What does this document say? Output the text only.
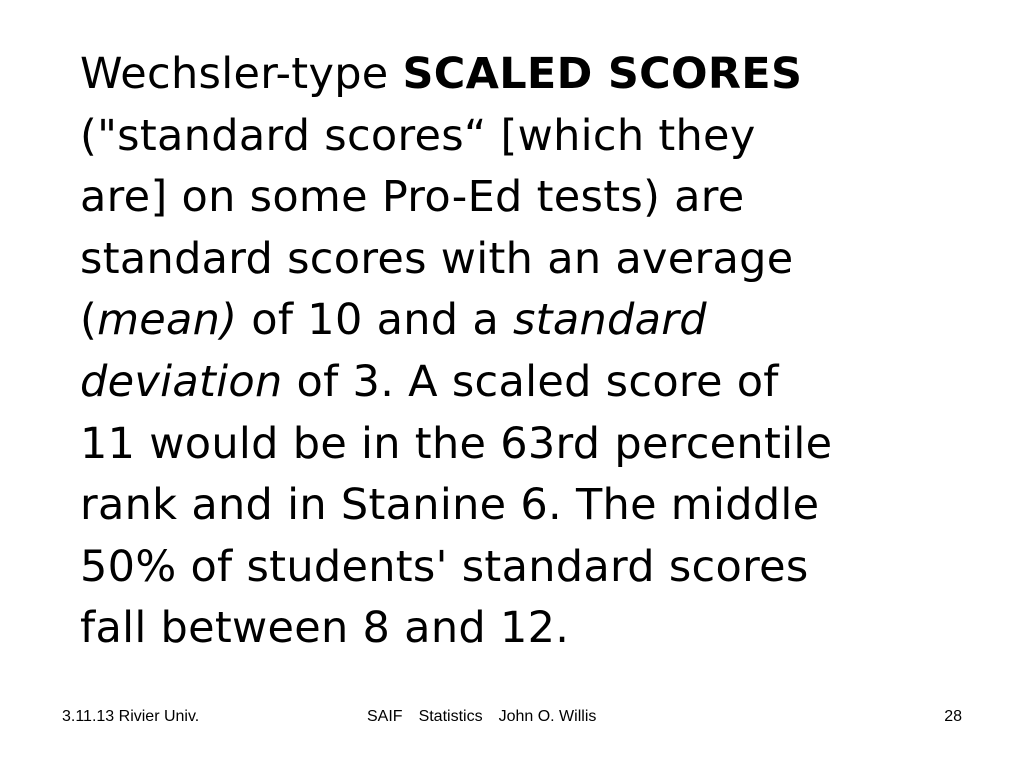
Wechsler-type SCALED SCORES
("standard scores“ [which they
are] on some Pro-Ed tests) are
standard scores with an average
(mean) of 10 and a standard
deviation of 3. A scaled score of
11 would be in the 63rd percentile
rank and in Stanine 6. The middle
50% of students' standard scores
fall between 8 and 12.

3.11.13 Rivier Univ.	SAIF Statistics John O. Willis	28
